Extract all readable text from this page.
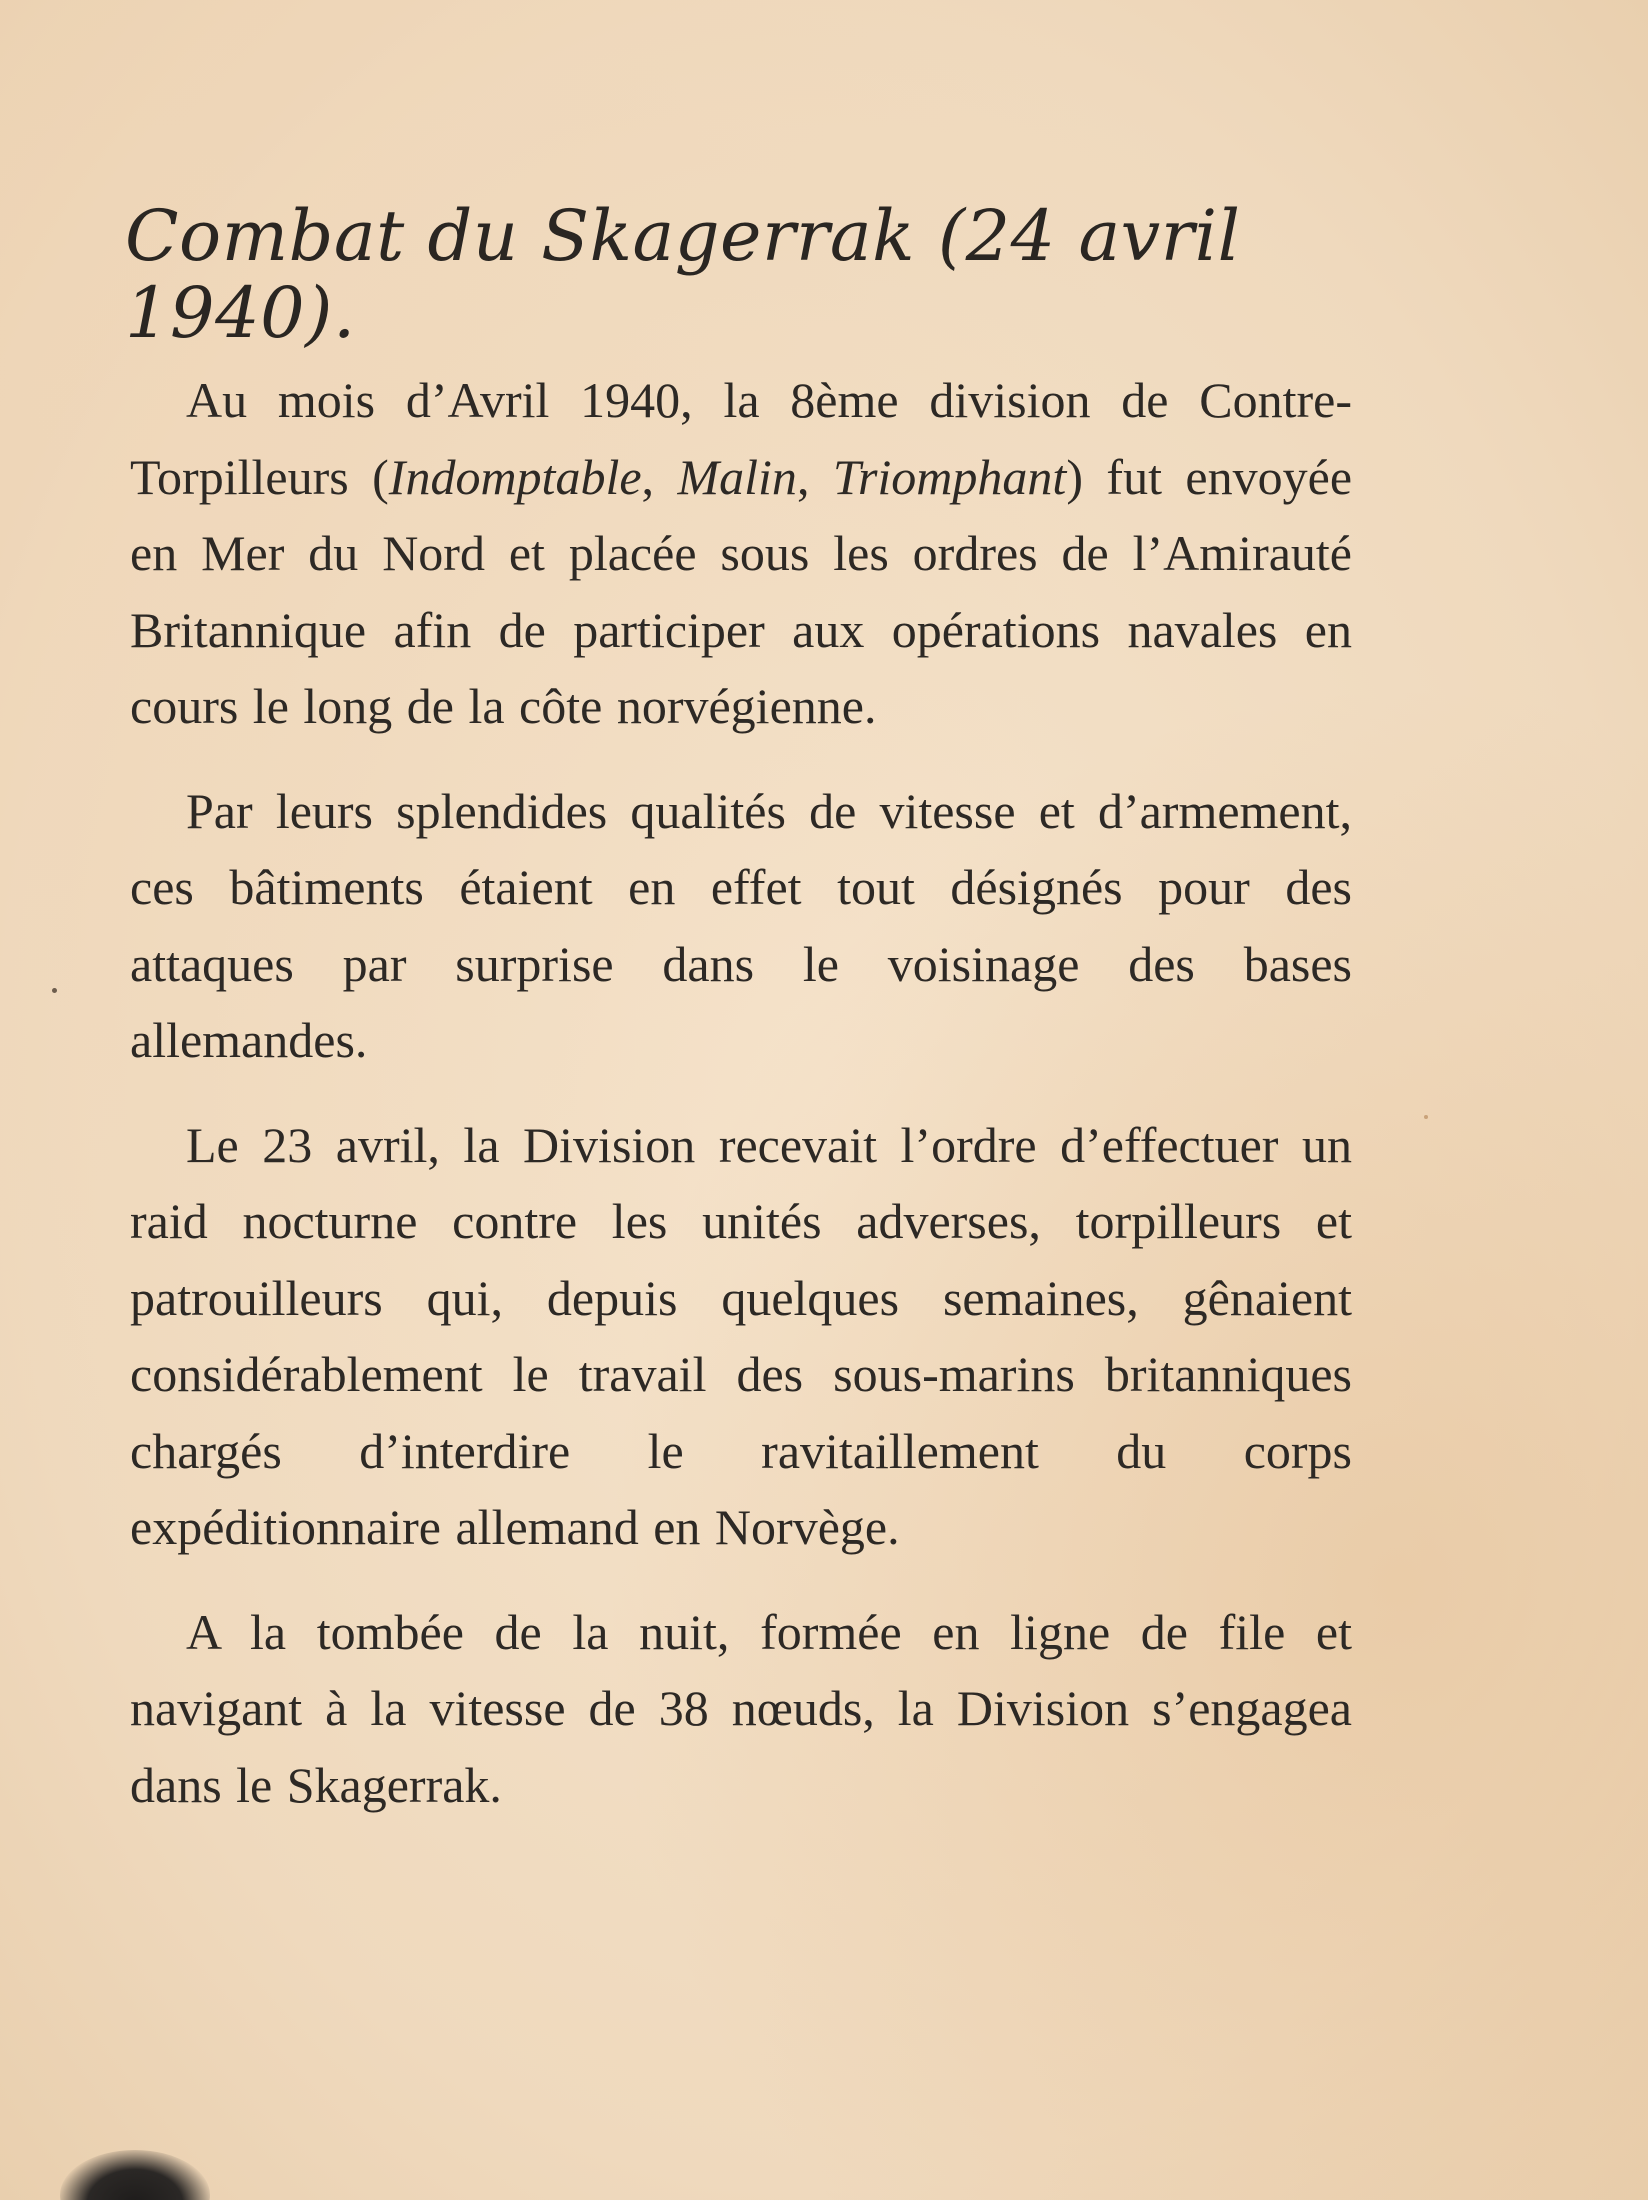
Combat du Skagerrak (24 avril 1940).

Au mois d’Avril 1940, la 8ème division de Contre-Torpilleurs (Indomptable, Malin, Triomphant) fut envoyée en Mer du Nord et placée sous les ordres de l’Amirauté Britannique afin de participer aux opérations navales en cours le long de la côte norvégienne.

Par leurs splendides qualités de vitesse et d’armement, ces bâtiments étaient en effet tout désignés pour des attaques par surprise dans le voisinage des bases allemandes.

Le 23 avril, la Division recevait l’ordre d’effectuer un raid nocturne contre les unités adverses, torpilleurs et patrouilleurs qui, depuis quelques semaines, gênaient considérablement le travail des sous-marins britanniques chargés d’interdire le ravitaillement du corps expéditionnaire allemand en Norvège.

A la tombée de la nuit, formée en ligne de file et navigant à la vitesse de 38 nœuds, la Division s’engagea dans le Skagerrak.
